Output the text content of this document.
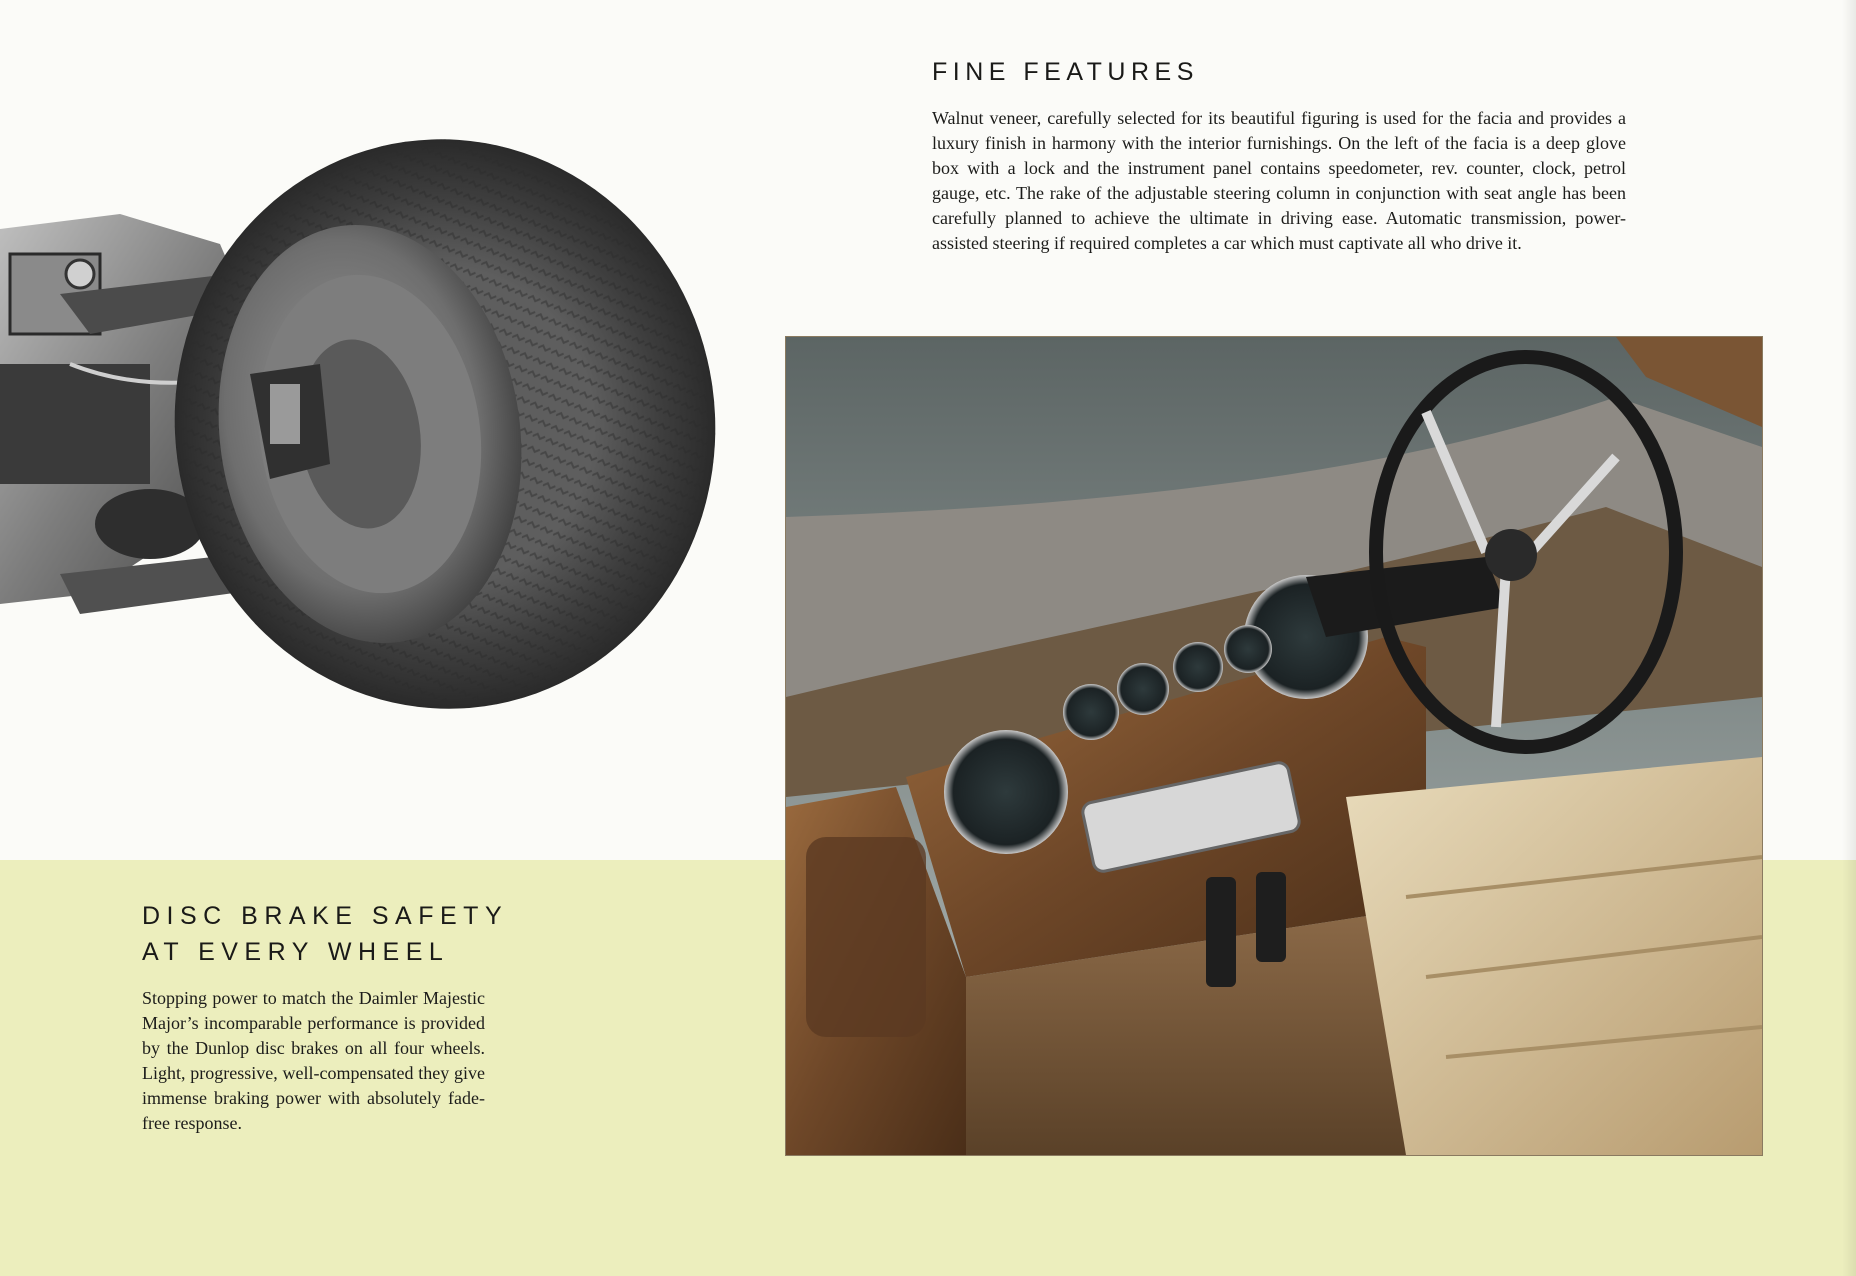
FINE FEATURES

Walnut veneer, carefully selected for its beautiful figuring is used for the facia and provides a luxury finish in harmony with the interior furnishings. On the left of the facia is a deep glove box with a lock and the instrument panel contains speedometer, rev. counter, clock, petrol gauge, etc. The rake of the adjustable steering column in conjunction with seat angle has been carefully planned to achieve the ultimate in driving ease. Automatic transmission, power-assisted steering if required completes a car which must captivate all who drive it.

DISC BRAKE SAFETY
AT EVERY WHEEL

Stopping power to match the Daimler Majestic Major’s incomparable performance is provided by the Dunlop disc brakes on all four wheels. Light, progressive, well-compensated they give immense braking power with absolutely fade-free response.
